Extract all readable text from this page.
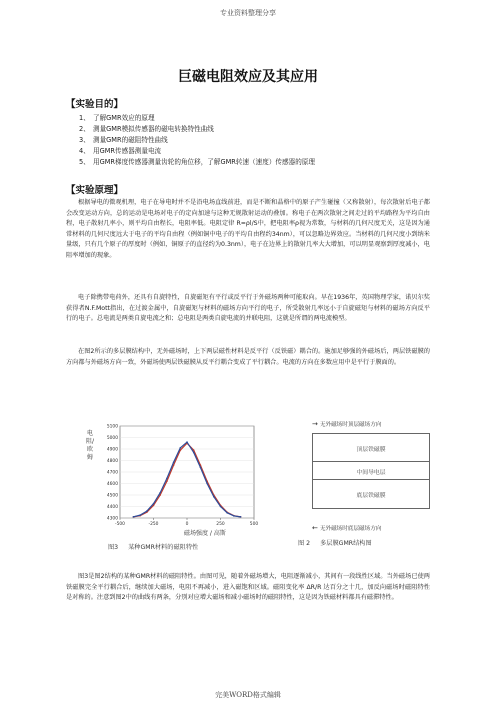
专业资料整理分享
巨磁电阻效应及其应用
【实验目的】
1、 了解GMR效应的原理
2、 测量GMR模拟传感器的磁电转换特性曲线
3、 测量GMR的磁阻特性曲线
4、 用GMR传感器测量电流
5、 用GMR梯度传感器测量齿轮的角位移，了解GMR转速（速度）传感器的原理
【实验原理】

根据导电的微观机理，电子在导电时并不是沿电场直线前进，而是不断和晶格中的原子产生碰撞（又称散射），每次散射后电子都会改变运动方向，总的运动是电场对电子的定向加速与这种无规散射运动的叠加。称电子在两次散射之间走过的平均路程为平均自由程，电子散射几率小，则平均自由程长，电阻率低。电阻定律 R=ρl/S中，把电阻率ρ视为常数，与材料的几何尺度无关，这是因为通常材料的几何尺度远大于电子的平均自由程（例如铜中电子的平均自由程约34nm），可以忽略边界效应。当材料的几何尺度小到纳米量级，只有几个原子的厚度时（例如，铜原子的直径约为0.3nm），电子在边界上的散射几率大大增加，可以明显观察到厚度减小，电阻率增加的现象。

电子除携带电荷外，还具有自旋特性，自旋磁矩有平行或反平行于外磁场两种可能取向。早在1936年，英国物理学家，诺贝尔奖获得者N.F.Mott指出，在过渡金属中，自旋磁矩与材料的磁场方向平行的电子，所受散射几率远小于自旋磁矩与材料的磁场方向反平行的电子。总电流是两类自旋电流之和；总电阻是两类自旋电流的并联电阻，这就是所谓的两电流模型。

在图2所示的多层膜结构中，无外磁场时，上下两层磁性材料是反平行（反铁磁）耦合的。施加足够强的外磁场后，两层铁磁膜的方向都与外磁场方向一致，外磁场使两层铁磁膜从反平行耦合变成了平行耦合。电流的方向在多数应用中是平行于膜面的。

电阻/欧姆
4300
4400
4500
4600
4700
4800
4900
5000
5100
-500	-250	0	250	500
磁场强度 / 高斯
图3 某种GMR材料的磁阻特性
→ 无外磁场时顶层磁场方向
顶层铁磁膜
中间导电层
底层铁磁膜
← 无外磁场时底层磁场方向
图 2 多层膜GMR结构图

图3是图2结构的某种GMR材料的磁阻特性。由图可见，随着外磁场增大，电阻逐渐减小，其间有一段线性区域。当外磁场已使两铁磁膜完全平行耦合后，继续加大磁场，电阻不再减小，进入磁饱和区域。磁阻变化率 ΔR/R 达百分之十几，加反向磁场时磁阻特性是对称的。注意到图2中的曲线有两条，分别对应增大磁场和减小磁场时的磁阻特性，这是因为铁磁材料都具有磁滞特性。

完美WORD格式编辑
